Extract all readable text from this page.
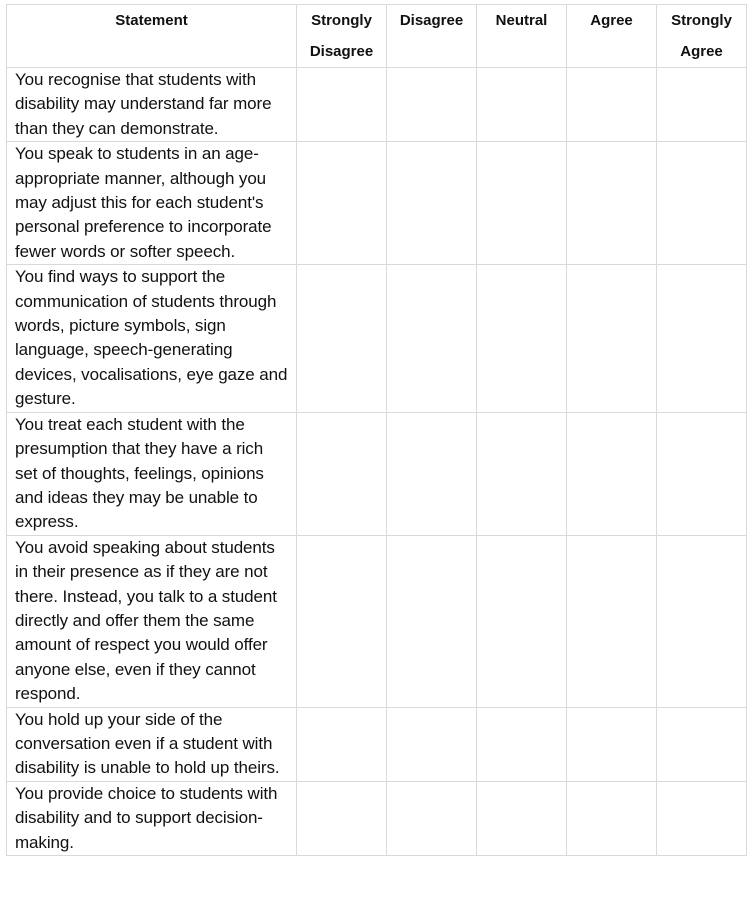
Statement	Strongly Disagree	Disagree	Neutral	Agree	Strongly Agree

You recognise that students with disability may understand far more than they can demonstrate.					
You speak to students in an age-appropriate manner, although you may adjust this for each student's personal preference to incorporate fewer words or softer speech.					
You find ways to support the communication of students through words, picture symbols, sign language, speech-generating devices, vocalisations, eye gaze and gesture.					
You treat each student with the presumption that they have a rich set of thoughts, feelings, opinions and ideas they may be unable to express.					
You avoid speaking about students in their presence as if they are not there. Instead, you talk to a student directly and offer them the same amount of respect you would offer anyone else, even if they cannot respond.					
You hold up your side of the conversation even if a student with disability is unable to hold up theirs.					
You provide choice to students with disability and to support decision-making.					
